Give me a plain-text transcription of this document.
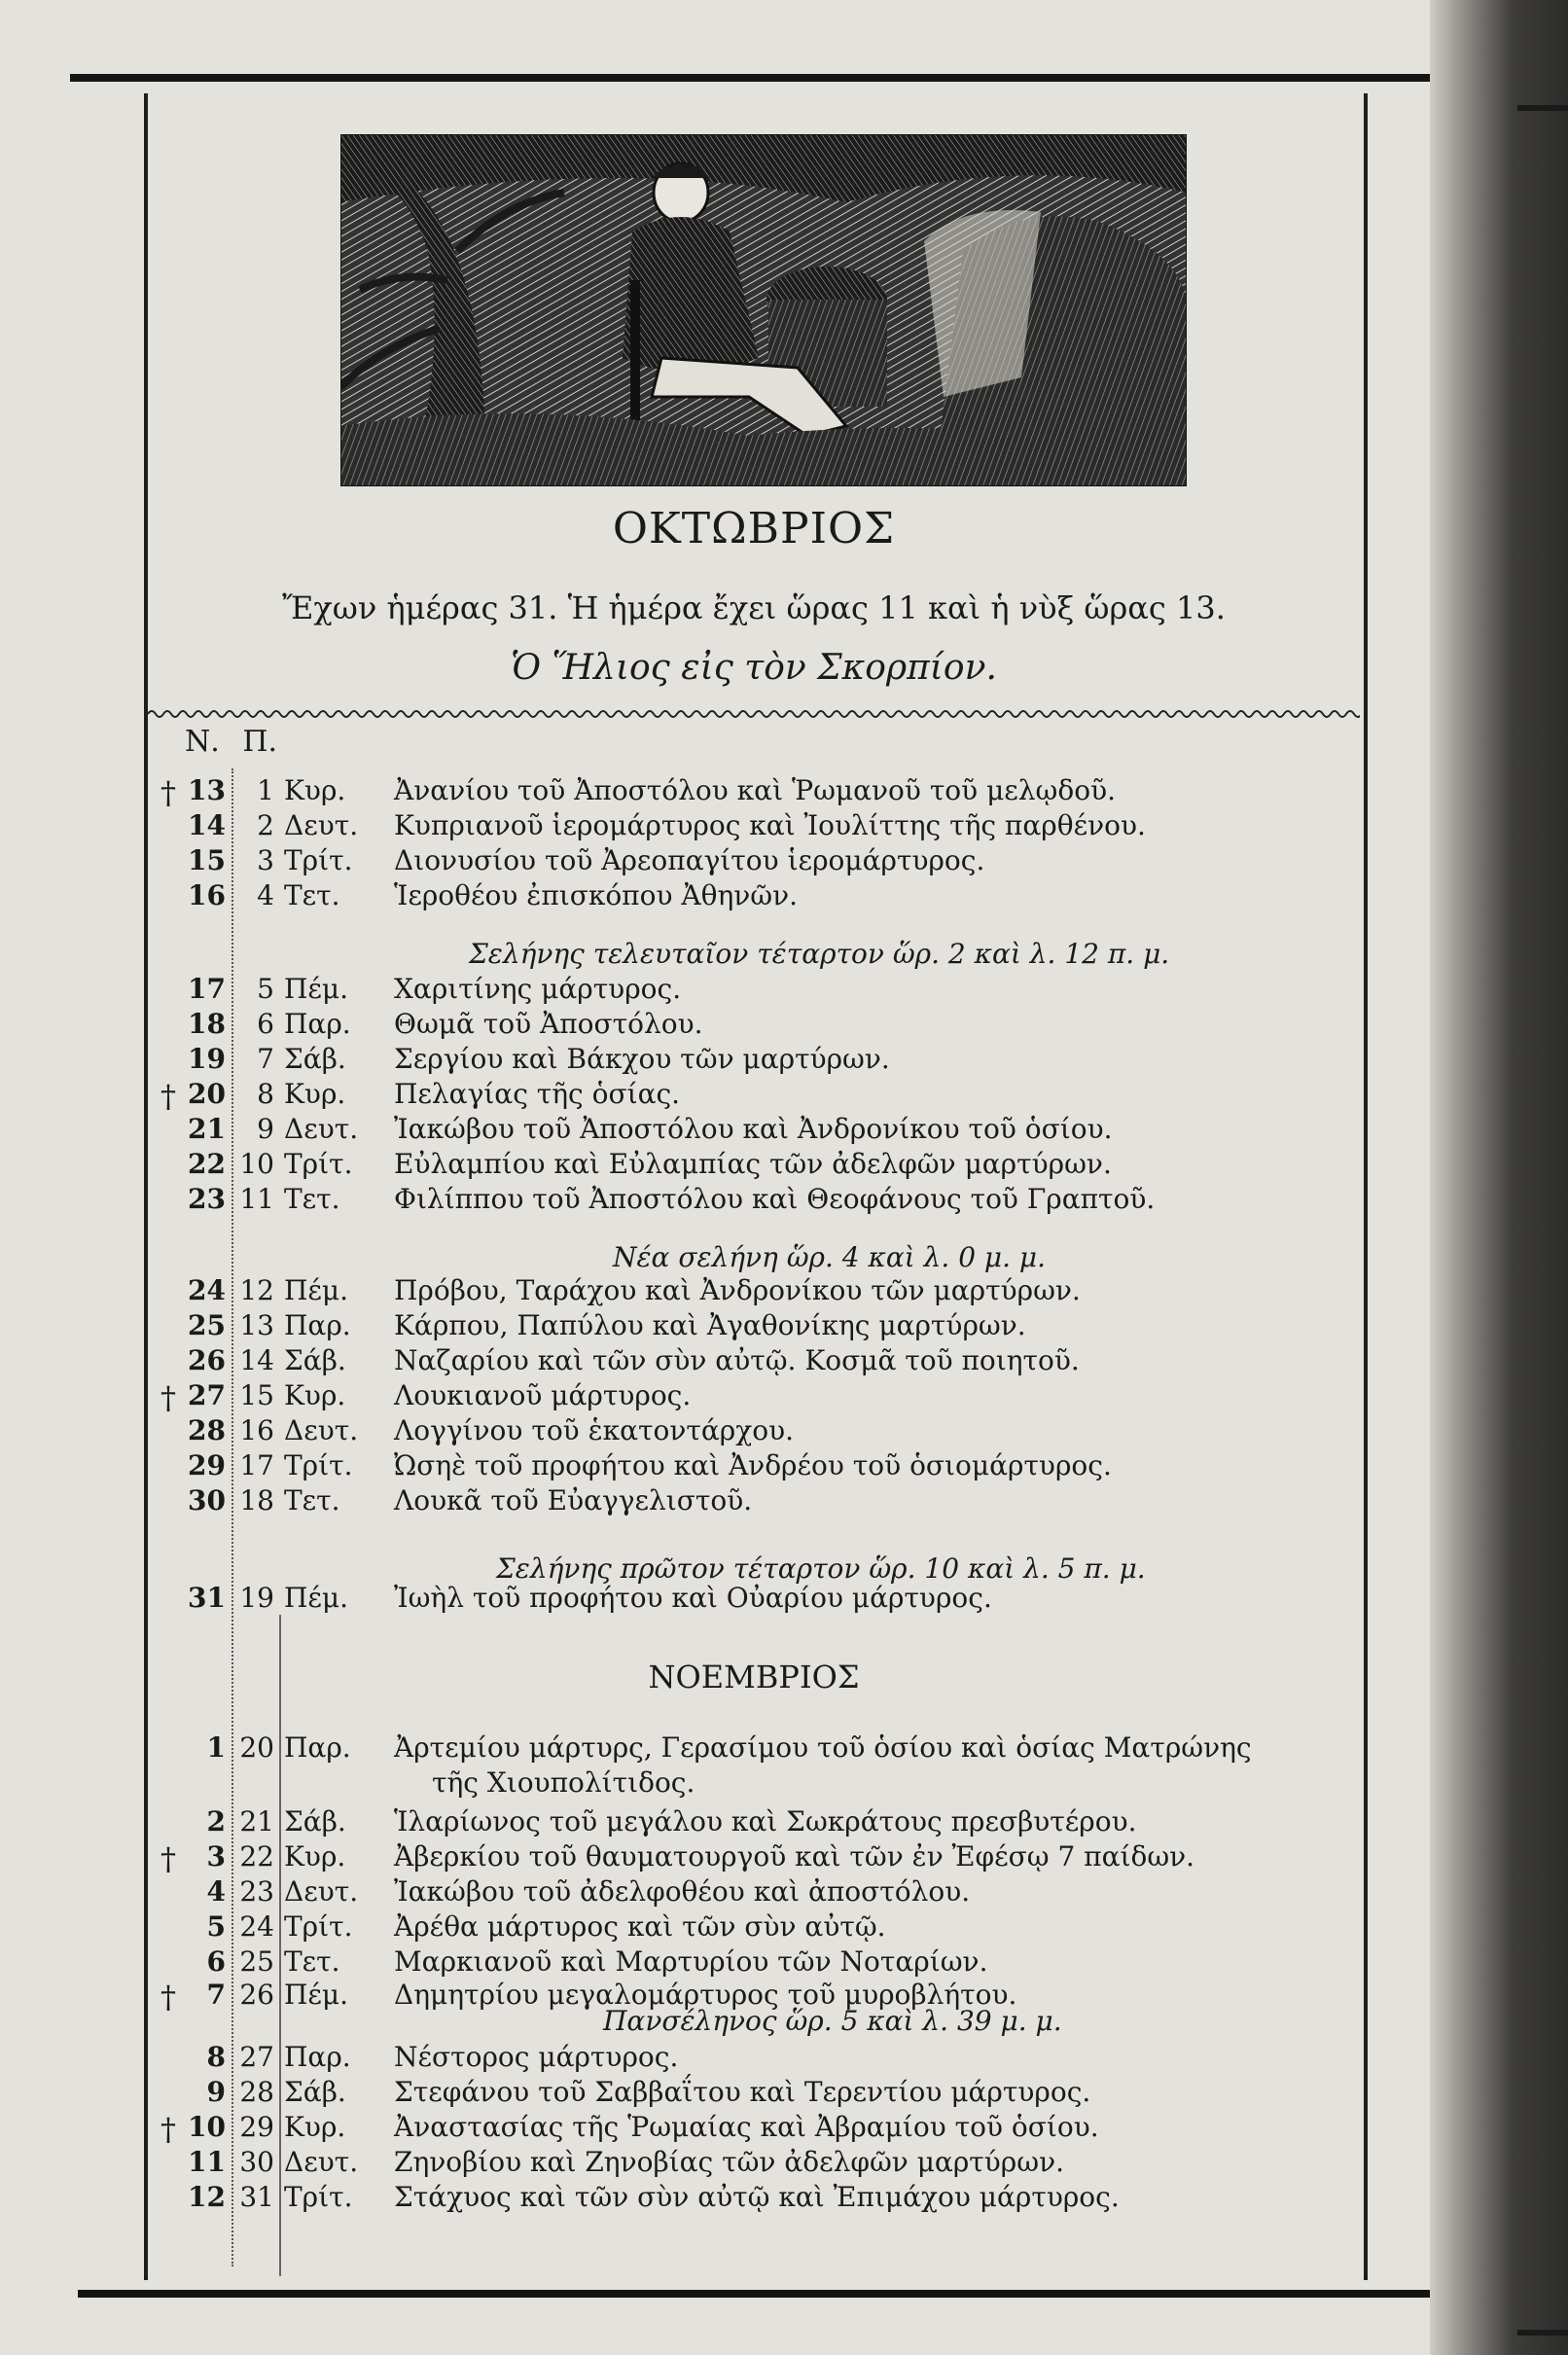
ΟΚΤΩΒΡΙΟΣ
Ἔχων ἡμέρας 31. Ἡ ἡμέρα ἔχει ὥρας 11 καὶ ἡ νὺξ ὥρας 13.
Ὁ Ἥλιος εἰς τὸν Σκορπίον.
Ν. Π.
† 13	1 Κυρ. Ἀνανίου τοῦ Ἀποστόλου καὶ Ῥωμανοῦ τοῦ μελῳδοῦ.
14	2 Δευτ. Κυπριανοῦ ἱερομάρτυρος καὶ Ἰουλίττης τῆς παρθένου.
15	3 Τρίτ. Διονυσίου τοῦ Ἀρεοπαγίτου ἱερομάρτυρος.
16	4 Τετ. Ἱεροθέου ἐπισκόπου Ἀθηνῶν.
17	5 Πέμ. Χαριτίνης μάρτυρος.
18	6 Παρ. Θωμᾶ τοῦ Ἀποστόλου.
19	7 Σάβ. Σεργίου καὶ Βάκχου τῶν μαρτύρων.
† 20	8 Κυρ. Πελαγίας τῆς ὁσίας.
21	9 Δευτ. Ἰακώβου τοῦ Ἀποστόλου καὶ Ἀνδρονίκου τοῦ ὁσίου.
22 10 Τρίτ. Εὐλαμπίου καὶ Εὐλαμπίας τῶν ἀδελφῶν μαρτύρων.
23 11 Τετ. Φιλίππου τοῦ Ἀποστόλου καὶ Θεοφάνους τοῦ Γραπτοῦ.
24 12 Πέμ. Πρόβου, Ταράχου καὶ Ἀνδρονίκου τῶν μαρτύρων.
25 13 Παρ. Κάρπου, Παπύλου καὶ Ἀγαθονίκης μαρτύρων.
26 14 Σάβ. Ναζαρίου καὶ τῶν σὺν αὐτῷ. Κοσμᾶ τοῦ ποιητοῦ.
† 27 15 Κυρ. Λουκιανοῦ μάρτυρος.
28 16 Δευτ. Λογγίνου τοῦ ἑκατοντάρχου.
29 17 Τρίτ. Ὠσηὲ τοῦ προφήτου καὶ Ἀνδρέου τοῦ ὁσιομάρτυρος.
30 18 Τετ. Λουκᾶ τοῦ Εὐαγγελιστοῦ.
31 19 Πέμ. Ἰωὴλ τοῦ προφήτου καὶ Οὐαρίου μάρτυρος.
Σελήνης τελευταῖον τέταρτον ὥρ. 2 καὶ λ. 12 π. μ.
Νέα σελήνη ὥρ. 4 καὶ λ. 0 μ. μ.
Σελήνης πρῶτον τέταρτον ὥρ. 10 καὶ λ. 5 π. μ.
ΝΟΕΜΒΡΙΟΣ
1 20 Παρ. Ἀρτεμίου μάρτυρς, Γερασίμου τοῦ ὁσίου καὶ ὁσίας Ματρώνης
τῆς Χιουπολίτιδος.
2 21 Σάβ. Ἱλαρίωνος τοῦ μεγάλου καὶ Σωκράτους πρεσβυτέρου.
†	3 22 Κυρ. Ἀβερκίου τοῦ θαυματουργοῦ καὶ τῶν ἐν Ἐφέσῳ 7 παίδων.
4 23 Δευτ. Ἰακώβου τοῦ ἀδελφοθέου καὶ ἀποστόλου.
5 24 Τρίτ. Ἀρέθα μάρτυρος καὶ τῶν σὺν αὐτῷ.
6 25 Τετ. Μαρκιανοῦ καὶ Μαρτυρίου τῶν Νοταρίων.
†	7 26 Πέμ. Δημητρίου μεγαλομάρτυρος τοῦ μυροβλήτου.
8 27 Παρ. Νέστορος μάρτυρος.
9 28 Σάβ. Στεφάνου τοῦ Σαββαΐτου καὶ Τερεντίου μάρτυρος.
† 10 29 Κυρ. Ἀναστασίας τῆς Ῥωμαίας καὶ Ἀβραμίου τοῦ ὁσίου.
11 30 Δευτ. Ζηνοβίου καὶ Ζηνοβίας τῶν ἀδελφῶν μαρτύρων.
12 31 Τρίτ. Στάχυος καὶ τῶν σὺν αὐτῷ καὶ Ἐπιμάχου μάρτυρος.
Πανσέληνος ὥρ. 5 καὶ λ. 39 μ. μ.
